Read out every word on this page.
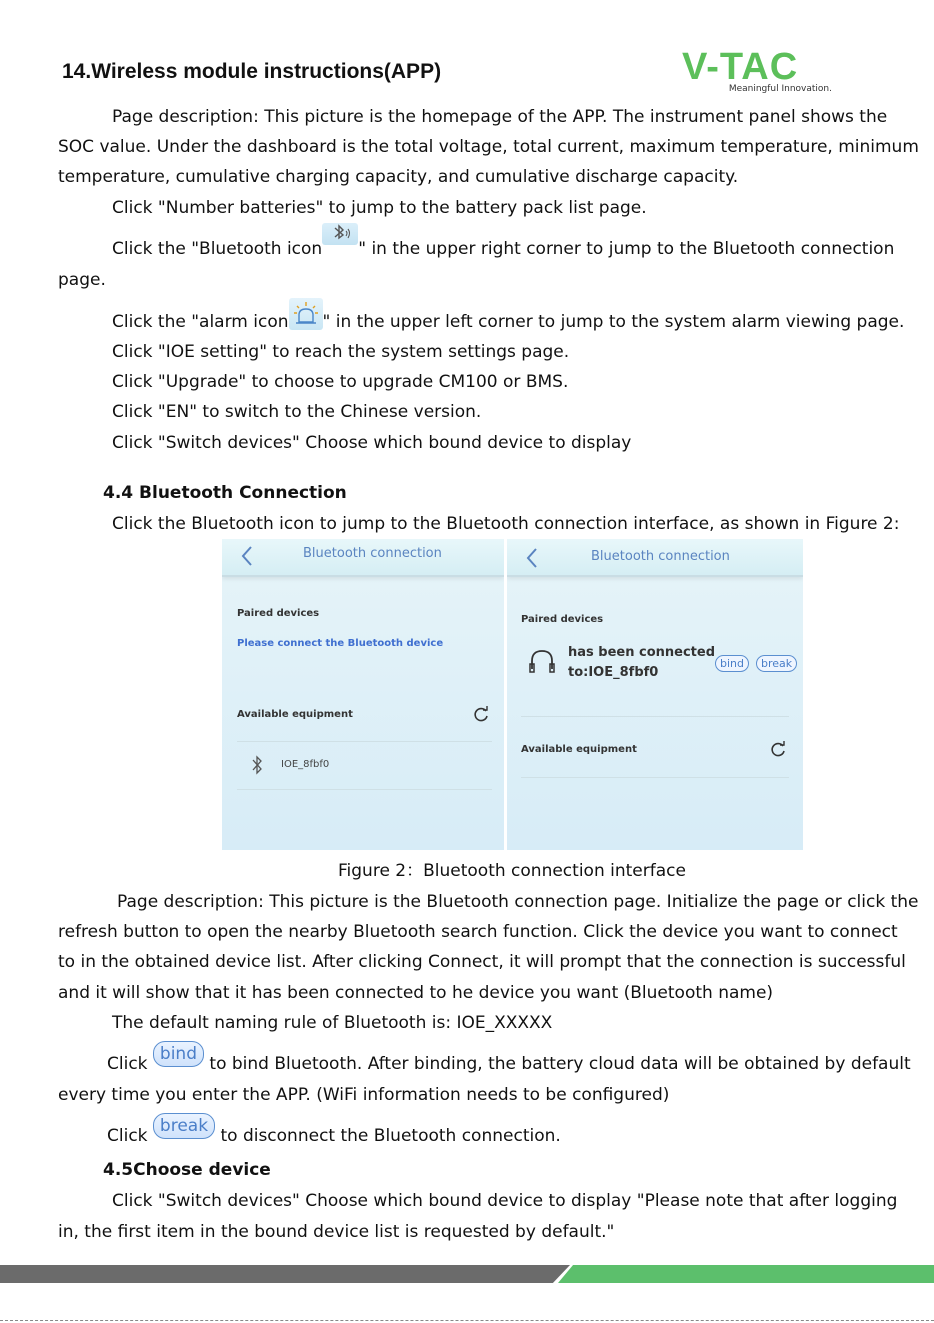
14.Wireless module instructions(APP)	V-TAC
Meaningful Innovation.
Page description: This picture is the homepage of the APP. The instrument panel shows the
SOC value. Under the dashboard is the total voltage, total current, maximum temperature, minimum
temperature, cumulative charging capacity, and cumulative discharge capacity.
Click "Number batteries" to jump to the battery pack list page.
Click the "Bluetooth icon " in the upper right corner to jump to the Bluetooth connection
page.
Click the "alarm icon " in the upper left corner to jump to the system alarm viewing page.
Click "IOE setting" to reach the system settings page.
Click "Upgrade" to choose to upgrade CM100 or BMS.
Click "EN" to switch to the Chinese version.
Click "Switch devices" Choose which bound device to display
4.4 Bluetooth Connection
Click the Bluetooth icon to jump to the Bluetooth connection interface, as shown in Figure 2:
Bluetooth connection
Paired devices
Please connect the Bluetooth device
Available equipment
IOE_8fbf0
Bluetooth connection
Paired devices
has been connected
to:IOE_8fbf0
bind	break
Available equipment
Figure 2：Bluetooth connection interface
Page description: This picture is the Bluetooth connection page. Initialize the page or click the
refresh button to open the nearby Bluetooth search function. Click the device you want to connect
to in the obtained device list. After clicking Connect, it will prompt that the connection is successful
and it will show that it has been connected to he device you want (Bluetooth name)
The default naming rule of Bluetooth is: IOE_XXXXX
Click bind to bind Bluetooth. After binding, the battery cloud data will be obtained by default
every time you enter the APP. (WiFi information needs to be configured)
Click break to disconnect the Bluetooth connection.
4.5Choose device
Click "Switch devices" Choose which bound device to display "Please note that after logging
in, the first item in the bound device list is requested by default."
